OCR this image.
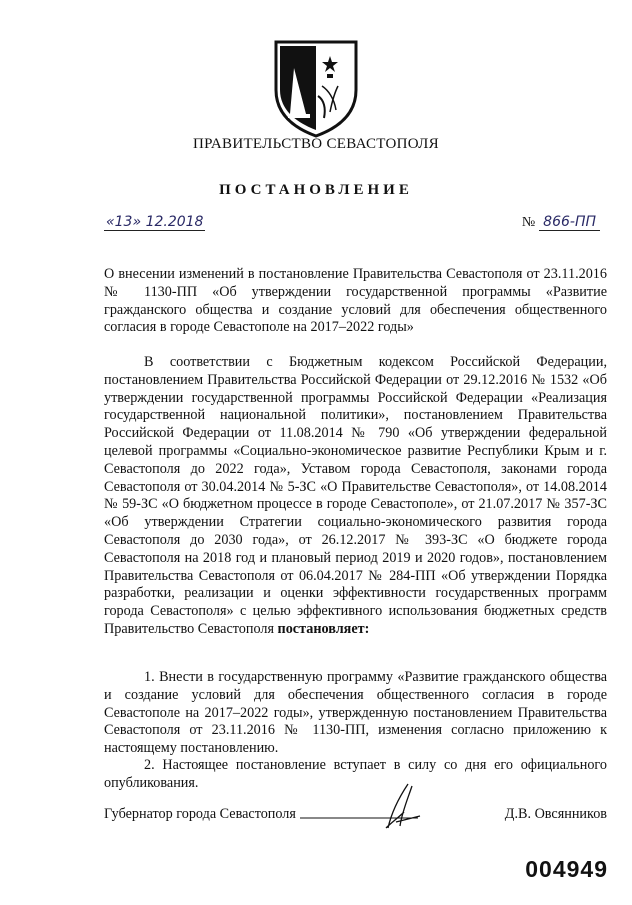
ПРАВИТЕЛЬСТВО СЕВАСТОПОЛЯ
ПОСТАНОВЛЕНИЕ
«13» 12.2018	№ 866-ПП
О внесении изменений в постановление Правительства Севастополя от 23.11.2016 № 1130-ПП «Об утверждении государственной программы «Развитие гражданского общества и создание условий для обеспечения общественного согласия в городе Севастополе на 2017–2022 годы»
В соответствии с Бюджетным кодексом Российской Федерации, постановлением Правительства Российской Федерации от 29.12.2016 № 1532 «Об утверждении государственной программы Российской Федерации «Реализация государственной национальной политики», постановлением Правительства Российской Федерации от 11.08.2014 № 790 «Об утверждении федеральной целевой программы «Социально-экономическое развитие Республики Крым и г. Севастополя до 2022 года», Уставом города Севастополя, законами города Севастополя от 30.04.2014 № 5-ЗС «О Правительстве Севастополя», от 14.08.2014 № 59-ЗС «О бюджетном процессе в городе Севастополе», от 21.07.2017 № 357-ЗС «Об утверждении Стратегии социально-экономического развития города Севастополя до 2030 года», от 26.12.2017 № 393-ЗС «О бюджете города Севастополя на 2018 год и плановый период 2019 и 2020 годов», постановлением Правительства Севастополя от 06.04.2017 № 284-ПП «Об утверждении Порядка разработки, реализации и оценки эффективности государственных программ города Севастополя» с целью эффективного использования бюджетных средств Правительство Севастополя постановляет:
1. Внести в государственную программу «Развитие гражданского общества и создание условий для обеспечения общественного согласия в городе Севастополе на 2017–2022 годы», утвержденную постановлением Правительства Севастополя от 23.11.2016 № 1130-ПП, изменения согласно приложению к настоящему постановлению.
2. Настоящее постановление вступает в силу со дня его официального опубликования.
Губернатор города Севастополя	Д.В. Овсянников
004949
